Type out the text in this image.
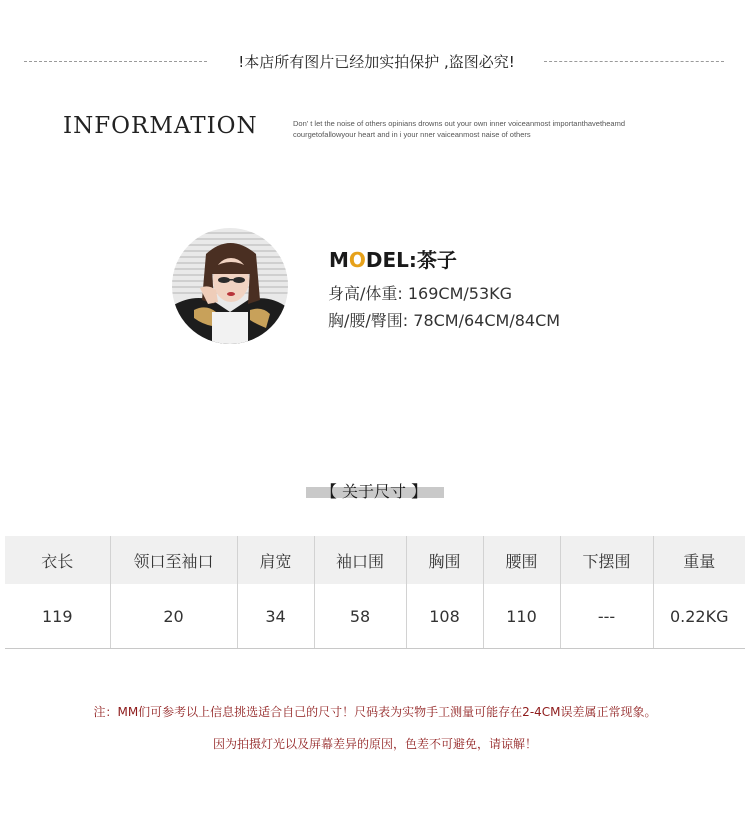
!本店所有图片已经加实拍保护 ,盗图必究!
INFORMATION	Don’ t let the noise of others opinians drowns out your own inner voiceanmost importanthavetheamd
courgetofallowyour heart and in i your nner vaiceanmost naise of others
MODEL:茶子
身高/体重: 169CM/53KG
胸/腰/臀围: 78CM/64CM/84CM
【 关于尺寸 】
衣长	领口至袖口	肩宽	袖口围	胸围	腰围	下摆围	重量
119	20	34	58	108	110	---	0.22KG
注：MM们可参考以上信息挑选适合自己的尺寸！尺码表为实物手工测量可能存在2-4CM误差属正常现象。
因为拍摄灯光以及屏幕差异的原因，色差不可避免，请谅解！
